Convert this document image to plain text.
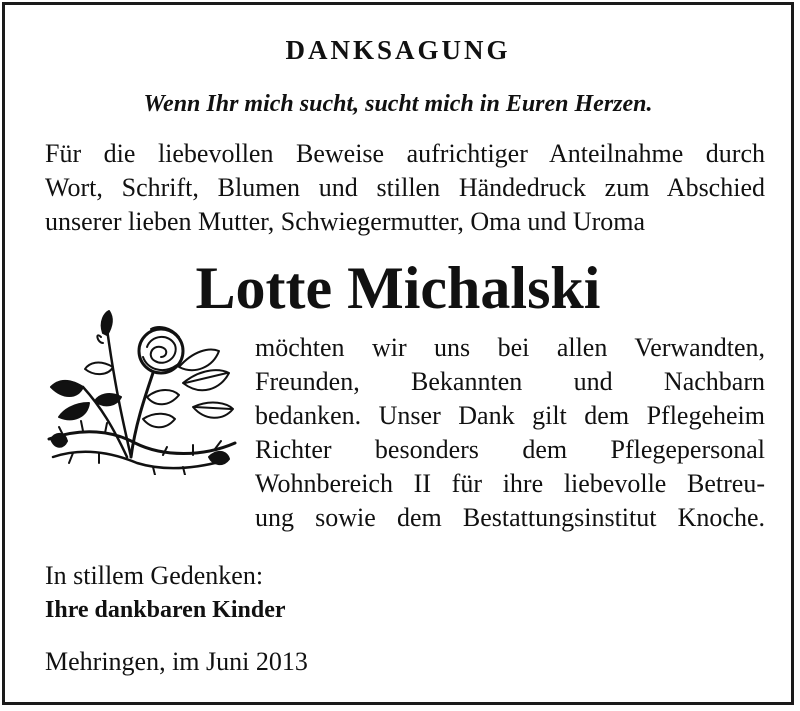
DANKSAGUNG
Wenn Ihr mich sucht, sucht mich in Euren Herzen.
Für die liebevollen Beweise aufrichtiger Anteilnahme durch
Wort, Schrift, Blumen und stillen Händedruck zum Abschied
unserer lieben Mutter, Schwiegermutter, Oma und Uroma
Lotte Michalski
möchten wir uns bei allen Verwandten,
Freunden, Bekannten und Nachbarn
bedanken. Unser Dank gilt dem Pflegeheim
Richter besonders dem Pflegepersonal
Wohnbereich II für ihre liebevolle Betreu-
ung sowie dem Bestattungsinstitut Knoche.
In stillem Gedenken:
Ihre dankbaren Kinder
Mehringen, im Juni 2013
